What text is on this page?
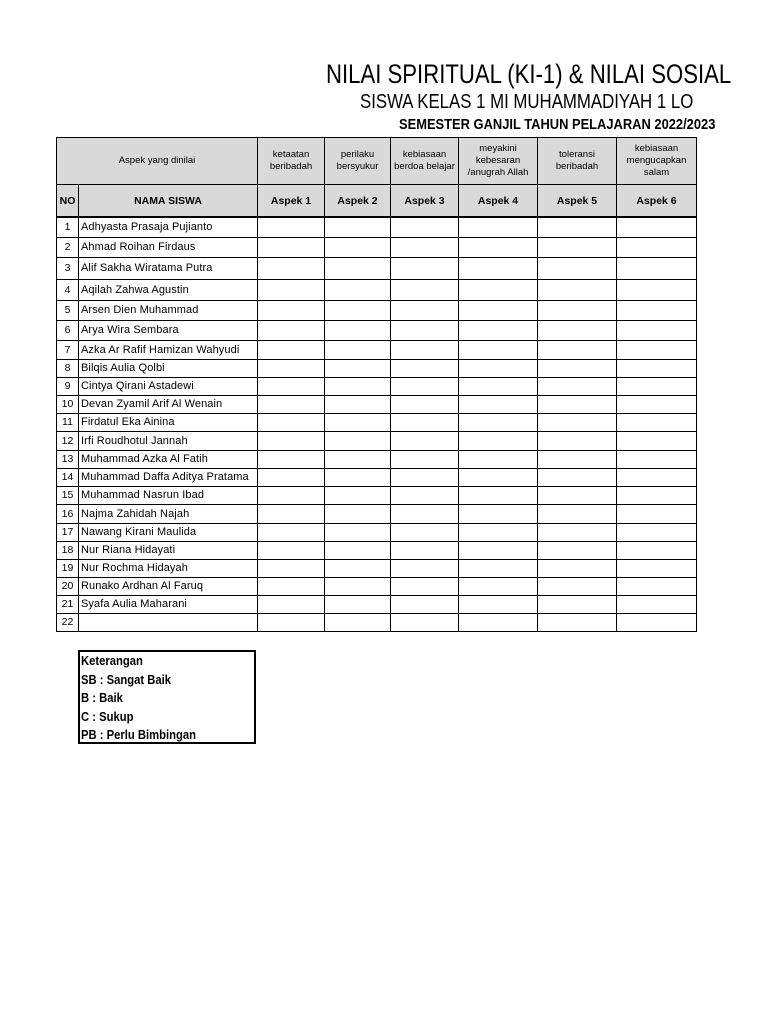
NILAI SPIRITUAL (KI-1) & NILAI SOSIAL
SISWA KELAS 1 MI MUHAMMADIYAH 1 LO
SEMESTER GANJIL TAHUN PELAJARAN 2022/2023
Aspek yang dinilai		ketaatan beribadah	perilaku bersyukur	kebiasaan berdoa belajar	meyakini kebesaran /anugrah Allah	toleransi beribadah	kebiasaan mengucapkan salam
NO	NAMA SISWA	Aspek 1	Aspek 2	Aspek 3	Aspek 4	Aspek 5	Aspek 6
1	Adhyasta Prasaja Pujianto						
2	Ahmad Roihan Firdaus						
3	Alif Sakha Wiratama Putra						
4	Aqilah Zahwa Agustin						
5	Arsen Dien Muhammad						
6	Arya Wira Sembara						
7	Azka Ar Rafif Hamizan Wahyudi						
8	Bilqis Aulia Qolbi						
9	Cintya Qirani Astadewi						
10	Devan Zyamil Arif Al Wenain						
11	Firdatul Eka Ainina						
12	Irfi Roudhotul Jannah						
13	Muhammad Azka Al Fatih						
14	Muhammad Daffa Aditya Pratama						
15	Muhammad Nasrun Ibad						
16	Najma Zahidah Najah						
17	Nawang Kirani Maulida						
18	Nur Riana Hidayati						
19	Nur Rochma Hidayah						
20	Runako Ardhan Al Faruq						
21	Syafa Aulia Maharani						
22							
Keterangan
SB : Sangat Baik
B : Baik
C : Sukup
PB : Perlu Bimbingan
